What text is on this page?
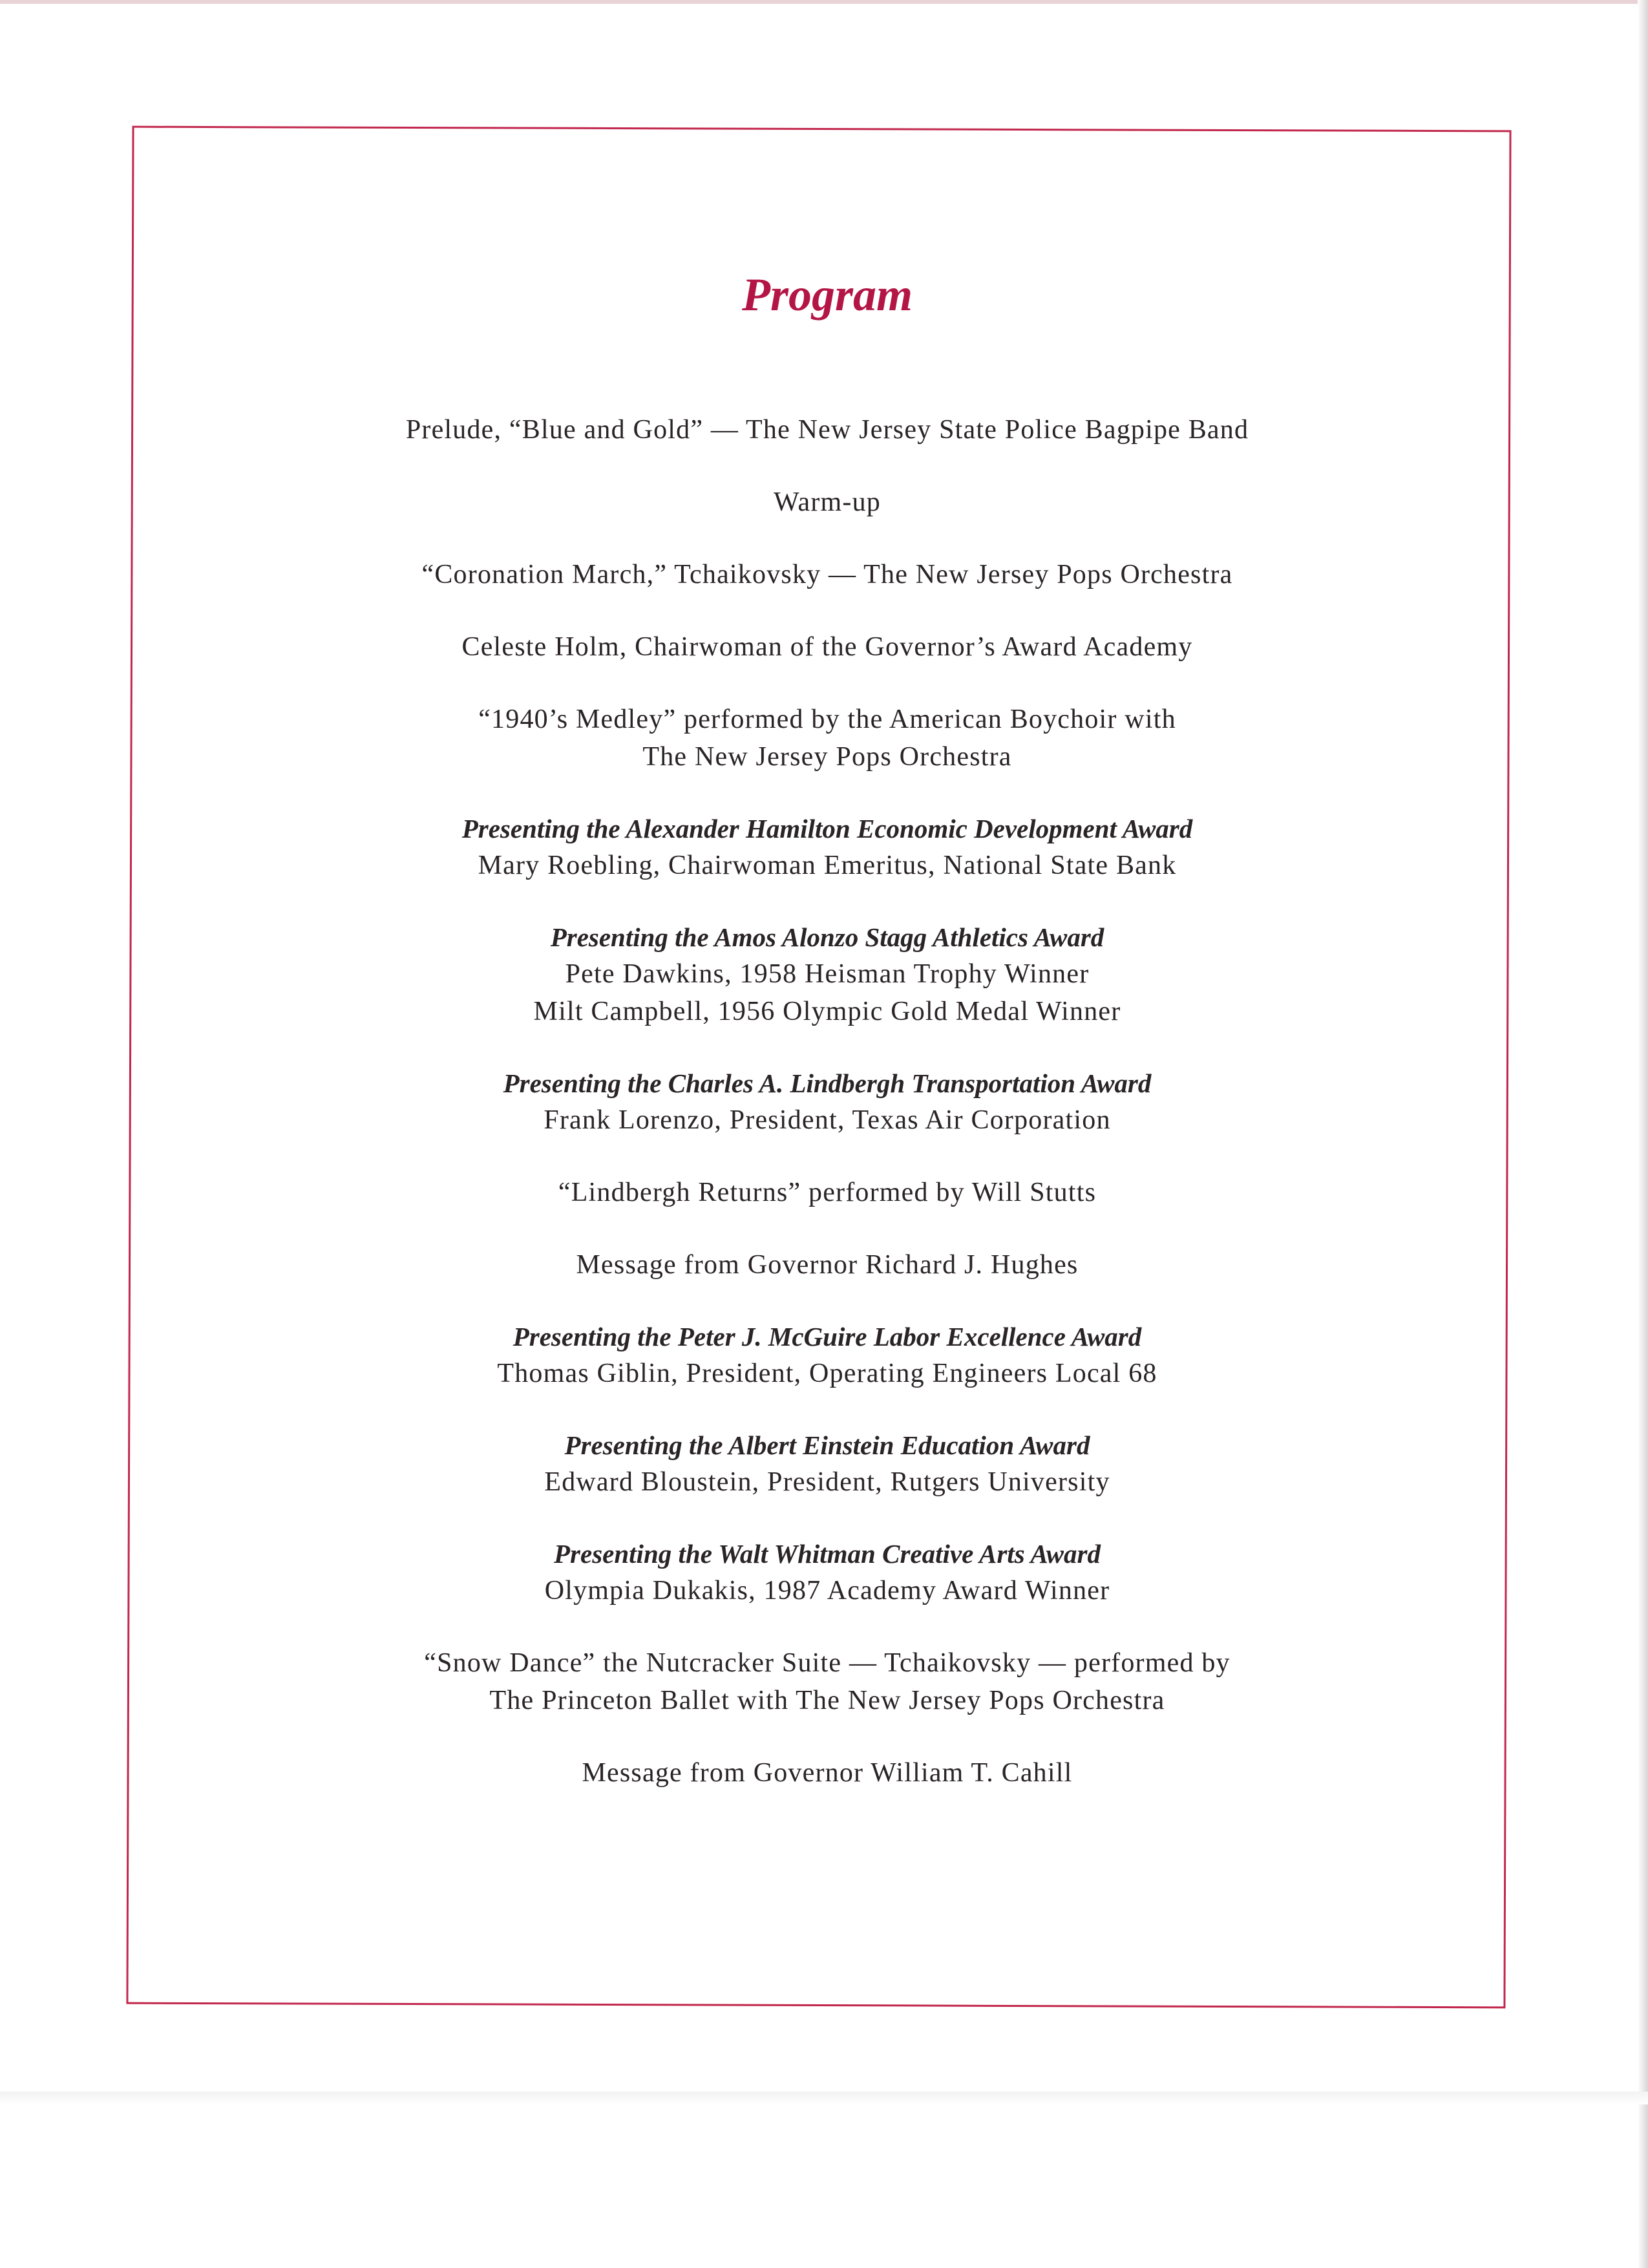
Program
Prelude, “Blue and Gold” — The New Jersey State Police Bagpipe Band
Warm-up
“Coronation March,” Tchaikovsky — The New Jersey Pops Orchestra
Celeste Holm, Chairwoman of the Governor’s Award Academy
“1940’s Medley” performed by the American Boychoir with
The New Jersey Pops Orchestra
Presenting the Alexander Hamilton Economic Development Award
Mary Roebling, Chairwoman Emeritus, National State Bank
Presenting the Amos Alonzo Stagg Athletics Award
Pete Dawkins, 1958 Heisman Trophy Winner
Milt Campbell, 1956 Olympic Gold Medal Winner
Presenting the Charles A. Lindbergh Transportation Award
Frank Lorenzo, President, Texas Air Corporation
“Lindbergh Returns” performed by Will Stutts
Message from Governor Richard J. Hughes
Presenting the Peter J. McGuire Labor Excellence Award
Thomas Giblin, President, Operating Engineers Local 68
Presenting the Albert Einstein Education Award
Edward Bloustein, President, Rutgers University
Presenting the Walt Whitman Creative Arts Award
Olympia Dukakis, 1987 Academy Award Winner
“Snow Dance” the Nutcracker Suite — Tchaikovsky — performed by
The Princeton Ballet with The New Jersey Pops Orchestra
Message from Governor William T. Cahill
